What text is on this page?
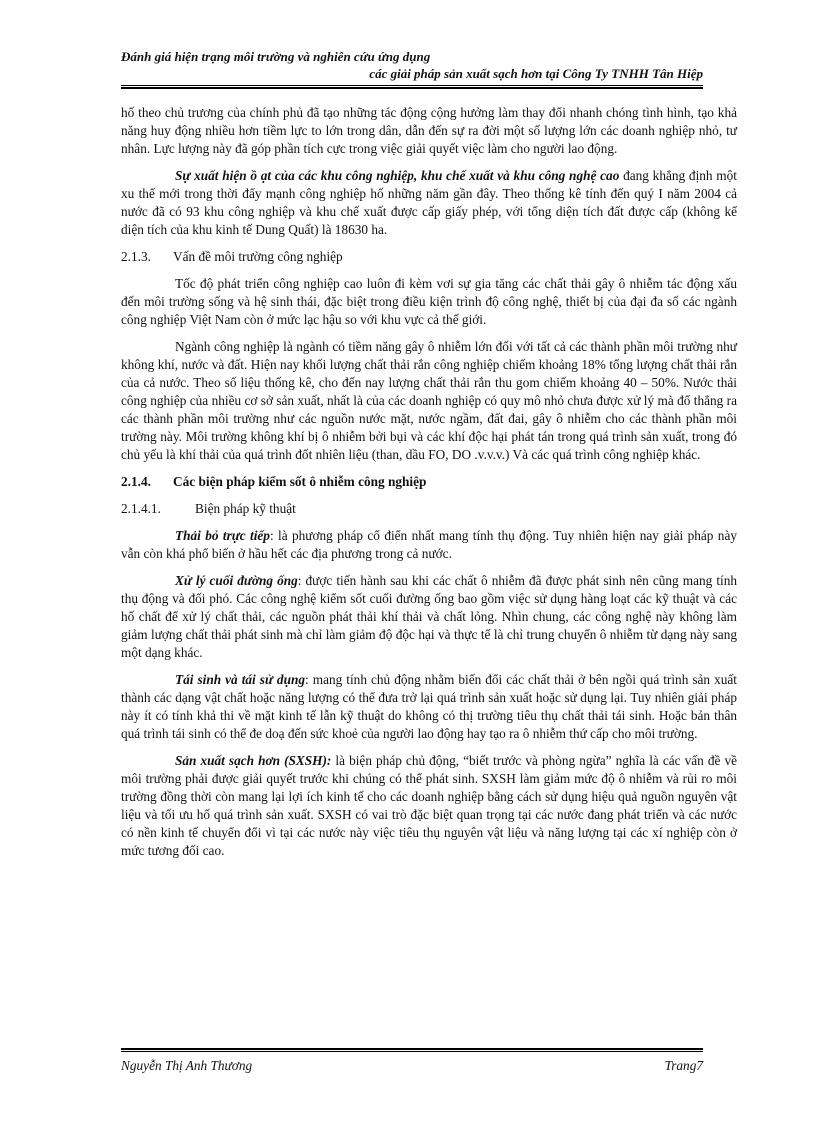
Đánh giá hiện trạng môi trường và nghiên cứu ứng dụng
các giải pháp sản xuất sạch hơn tại Công Ty TNHH Tân Hiệp

hố theo chủ trương của chính phủ đã tạo những tác động cộng hưởng làm thay đổi nhanh chóng tình hình, tạo khả năng huy động nhiều hơn tiềm lực to lớn trong dân, dẫn đến sự ra đời một số lượng lớn các doanh nghiệp nhỏ, tư nhân. Lực lượng này đã góp phần tích cực trong việc giải quyết việc làm cho người lao động.

Sự xuất hiện ồ ạt của các khu công nghiệp, khu chế xuất và khu công nghệ cao đang khẳng định một xu thế mới trong thời đẩy mạnh công nghiệp hố những năm gần đây. Theo thống kê tính đến quý I năm 2004 cả nước đã có 93 khu công nghiệp và khu chế xuất được cấp giấy phép, với tổng diện tích đất được cấp (không kể diện tích của khu kinh tế Dung Quất) là 18630 ha.

2.1.3. Vấn đề môi trường công nghiệp

Tốc độ phát triển công nghiệp cao luôn đi kèm vơi sự gia tăng các chất thải gây ô nhiễm tác động xấu đến môi trường sống và hệ sinh thái, đặc biệt trong điều kiện trình độ công nghệ, thiết bị của đại đa số các ngành công nghiệp Việt Nam còn ở mức lạc hậu so với khu vực cả thế giới.

Ngành công nghiệp là ngành có tiềm năng gây ô nhiễm lớn đối với tất cả các thành phần môi trường như không khí, nước và đất. Hiện nay khối lượng chất thải rắn công nghiệp chiếm khoảng 18% tổng lượng chất thải rắn của cả nước. Theo số liệu thống kê, cho đến nay lượng chất thải rắn thu gom chiếm khoảng 40 – 50%. Nước thải công nghiệp của nhiều cơ sở sản xuất, nhất là của các doanh nghiệp có quy mô nhỏ chưa được xử lý mà đổ thẳng ra các thành phần môi trường như các nguồn nước mặt, nước ngầm, đất đai, gây ô nhiễm cho các thành phần môi trường này. Môi trường không khí bị ô nhiễm bởi bụi và các khí độc hại phát tán trong quá trình sản xuất, trong đó chủ yếu là khí thải của quá trình đốt nhiên liệu (than, dầu FO, DO .v.v.v.) Và các quá trình công nghiệp khác.

2.1.4. Các biện pháp kiểm sốt ô nhiễm công nghiệp

2.1.4.1.	Biện pháp kỹ thuật

Thải bỏ trực tiếp: là phương pháp cổ điển nhất mang tính thụ động. Tuy nhiên hiện nay giải pháp này vẫn còn khá phổ biến ở hầu hết các địa phương trong cả nước.

Xử lý cuối đường ống: được tiến hành sau khi các chất ô nhiễm đã được phát sinh nên cũng mang tính thụ động và đối phó. Các công nghệ kiểm sốt cuối đường ống bao gồm việc sử dụng hàng loạt các kỹ thuật và các hố chất để xử lý chất thải, các nguồn phát thải khí thải và chất lỏng. Nhìn chung, các công nghệ này không làm giảm lượng chất thải phát sinh mà chỉ làm giảm độ độc hại và thực tế là chỉ trung chuyển ô nhiễm từ dạng này sang một dạng khác.

Tái sinh và tái sử dụng: mang tính chủ động nhằm biến đổi các chất thải ở bên ngồi quá trình sản xuất thành các dạng vật chất hoặc năng lượng có thể đưa trở lại quá trình sản xuất hoặc sử dụng lại. Tuy nhiên giải pháp này ít có tính khả thi về mặt kinh tế lẫn kỹ thuật do không có thị trường tiêu thụ chất thải tái sinh. Hoặc bản thân quá trình tái sinh có thể đe doạ đến sức khoẻ của người lao động hay tạo ra ô nhiễm thứ cấp cho môi trường.

Sản xuất sạch hơn (SXSH): là biện pháp chủ động, “biết trước và phòng ngừa” nghĩa là các vấn đề về môi trường phải được giải quyết trước khi chúng có thể phát sinh. SXSH làm giảm mức độ ô nhiễm và rủi ro môi trường đồng thời còn mang lại lợi ích kinh tế cho các doanh nghiệp bằng cách sử dụng hiệu quả nguồn nguyên vật liệu và tối ưu hố quá trình sản xuất. SXSH có vai trò đặc biệt quan trọng tại các nước đang phát triển và các nước có nền kinh tế chuyển đổi vì tại các nước này việc tiêu thụ nguyên vật liệu và năng lượng tại các xí nghiệp còn ở mức tương đối cao.

Nguyễn Thị Anh Thương	Trang7
